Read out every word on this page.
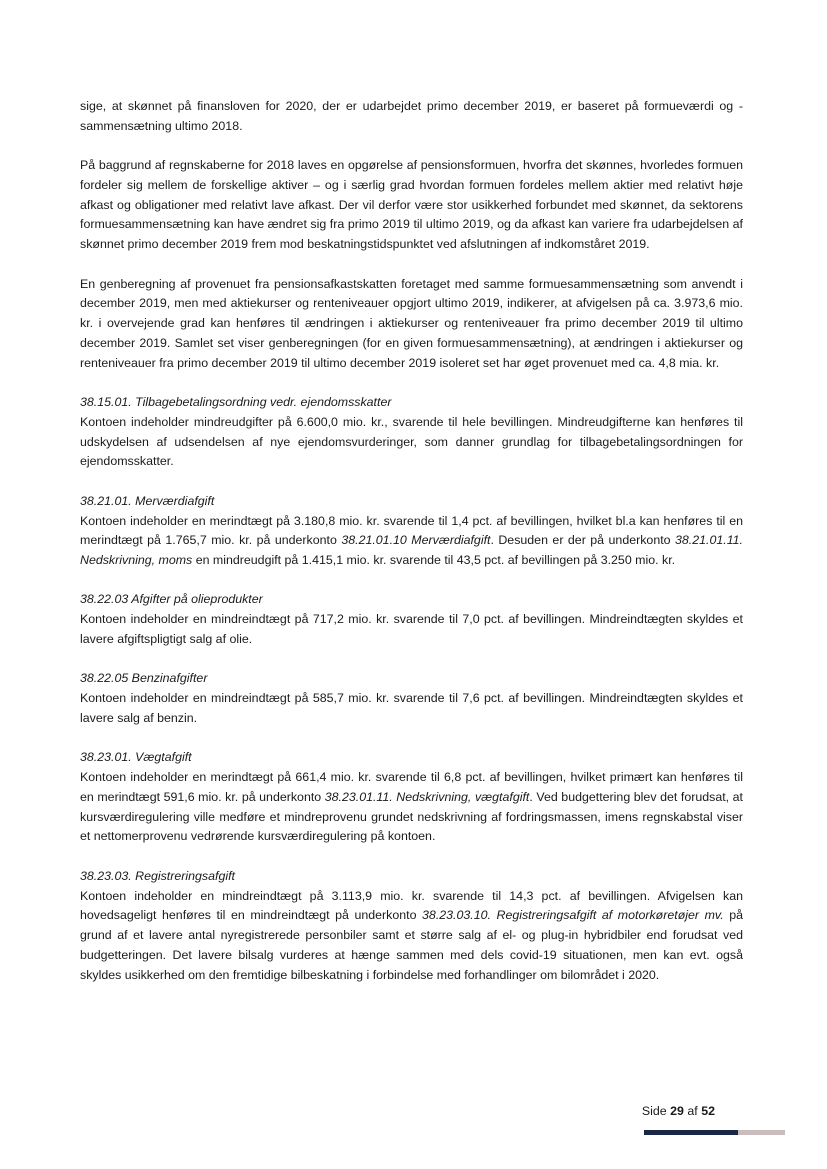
sige, at skønnet på finansloven for 2020, der er udarbejdet primo december 2019, er baseret på formueværdi og -sammensætning ultimo 2018.
På baggrund af regnskaberne for 2018 laves en opgørelse af pensionsformuen, hvorfra det skønnes, hvorledes formuen fordeler sig mellem de forskellige aktiver – og i særlig grad hvordan formuen fordeles mellem aktier med relativt høje afkast og obligationer med relativt lave afkast. Der vil derfor være stor usikkerhed forbundet med skønnet, da sektorens formuesammensætning kan have ændret sig fra primo 2019 til ultimo 2019, og da afkast kan variere fra udarbejdelsen af skønnet primo december 2019 frem mod beskatningstidspunktet ved afslutningen af indkomståret 2019.
En genberegning af provenuet fra pensionsafkastskatten foretaget med samme formuesammensætning som anvendt i december 2019, men med aktiekurser og renteniveauer opgjort ultimo 2019, indikerer, at afvigelsen på ca. 3.973,6 mio. kr. i overvejende grad kan henføres til ændringen i aktiekurser og renteniveauer fra primo december 2019 til ultimo december 2019. Samlet set viser genberegningen (for en given formuesammensætning), at ændringen i aktiekurser og renteniveauer fra primo december 2019 til ultimo december 2019 isoleret set har øget provenuet med ca. 4,8 mia. kr.
38.15.01. Tilbagebetalingsordning vedr. ejendomsskatter
Kontoen indeholder mindreudgifter på 6.600,0 mio. kr., svarende til hele bevillingen. Mindreudgifterne kan henføres til udskydelsen af udsendelsen af nye ejendomsvurderinger, som danner grundlag for tilbagebetalingsordningen for ejendomsskatter.
38.21.01. Merværdiafgift
Kontoen indeholder en merindtægt på 3.180,8 mio. kr. svarende til 1,4 pct. af bevillingen, hvilket bl.a kan henføres til en merindtægt på 1.765,7 mio. kr. på underkonto 38.21.01.10 Merværdiafgift. Desuden er der på underkonto 38.21.01.11. Nedskrivning, moms en mindreudgift på 1.415,1 mio. kr. svarende til 43,5 pct. af bevillingen på 3.250 mio. kr.
38.22.03 Afgifter på olieprodukter
Kontoen indeholder en mindreindtægt på 717,2 mio. kr. svarende til 7,0 pct. af bevillingen. Mindreindtægten skyldes et lavere afgiftspligtigt salg af olie.
38.22.05 Benzinafgifter
Kontoen indeholder en mindreindtægt på 585,7 mio. kr. svarende til 7,6 pct. af bevillingen. Mindreindtægten skyldes et lavere salg af benzin.
38.23.01. Vægtafgift
Kontoen indeholder en merindtægt på 661,4 mio. kr. svarende til 6,8 pct. af bevillingen, hvilket primært kan henføres til en merindtægt 591,6 mio. kr. på underkonto 38.23.01.11. Nedskrivning, vægtafgift. Ved budgettering blev det forudsat, at kursværdiregulering ville medføre et mindreprovenu grundet nedskrivning af fordringsmassen, imens regnskabstal viser et nettomerprovenu vedrørende kursværdiregulering på kontoen.
38.23.03. Registreringsafgift
Kontoen indeholder en mindreindtægt på 3.113,9 mio. kr. svarende til 14,3 pct. af bevillingen. Afvigelsen kan hovedsageligt henføres til en mindreindtægt på underkonto 38.23.03.10. Registreringsafgift af motorkøretøjer mv. på grund af et lavere antal nyregistrerede personbiler samt et større salg af el- og plug-in hybridbiler end forudsat ved budgetteringen. Det lavere bilsalg vurderes at hænge sammen med dels covid-19 situationen, men kan evt. også skyldes usikkerhed om den fremtidige bilbeskatning i forbindelse med forhandlinger om bilområdet i 2020.
Side 29 af 52
